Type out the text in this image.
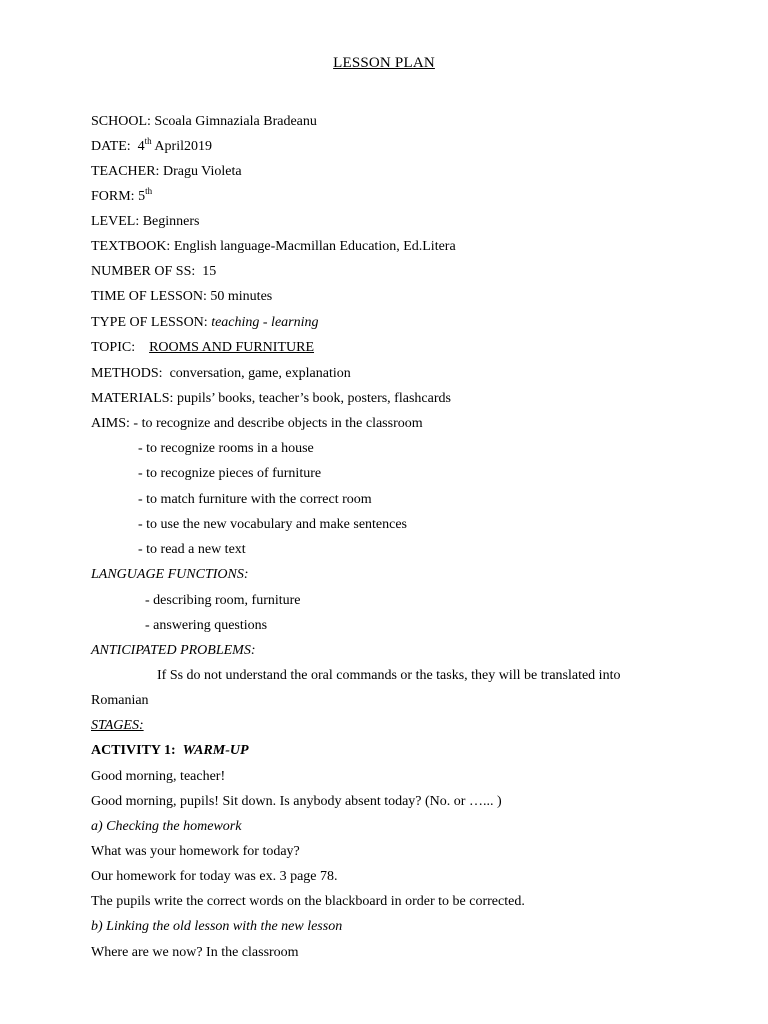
LESSON PLAN
SCHOOL: Scoala Gimnaziala Bradeanu
DATE: 4th April2019
TEACHER: Dragu Violeta
FORM: 5th
LEVEL: Beginners
TEXTBOOK: English language-Macmillan Education, Ed.Litera
NUMBER OF SS: 15
TIME OF LESSON: 50 minutes
TYPE OF LESSON: teaching - learning
TOPIC: ROOMS AND FURNITURE
METHODS: conversation, game, explanation
MATERIALS: pupils’ books, teacher’s book, posters, flashcards
AIMS: - to recognize and describe objects in the classroom
- to recognize rooms in a house
- to recognize pieces of furniture
- to match furniture with the correct room
- to use the new vocabulary and make sentences
- to read a new text
LANGUAGE FUNCTIONS:
- describing room, furniture
- answering questions
ANTICIPATED PROBLEMS:
If Ss do not understand the oral commands or the tasks, they will be translated into
Romanian
STAGES:
ACTIVITY 1: WARM-UP
Good morning, teacher!
Good morning, pupils! Sit down. Is anybody absent today? (No. or …... )
a) Checking the homework
What was your homework for today?
Our homework for today was ex. 3 page 78.
The pupils write the correct words on the blackboard in order to be corrected.
b) Linking the old lesson with the new lesson
Where are we now? In the classroom
